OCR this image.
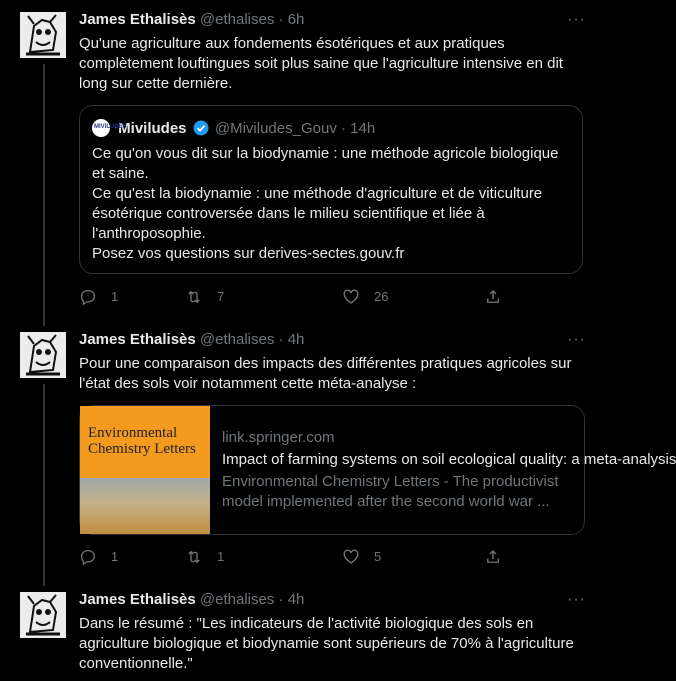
James Ethalisès @ethalises · 6h	···
Qu'une agriculture aux fondements ésotériques et aux pratiques complètement louftingues soit plus saine que l'agriculture intensive en dit long sur cette dernière.
MIVILUDES
Miviludes @Miviludes_Gouv · 14h
Ce qu'on vous dit sur la biodynamie : une méthode agricole biologique et saine.
Ce qu'est la biodynamie : une méthode d'agriculture et de viticulture ésotérique controversée dans le milieu scientifique et liée à l'anthroposophie.
Posez vos questions sur derives-sectes.gouv.fr
1	7	26
James Ethalisès @ethalises · 4h	···
Pour une comparaison des impacts des différentes pratiques agricoles sur l'état des sols voir notamment cette méta-analyse :
Environmental
Chemistry Letters
link.springer.com
Impact of farming systems on soil ecological quality: a meta-analysis
Environmental Chemistry Letters - The productivist model implemented after the second world war ...
1	1	5
James Ethalisès @ethalises · 4h	···
Dans le résumé : "Les indicateurs de l'activité biologique des sols en agriculture biologique et biodynamie sont supérieurs de 70% à l'agriculture conventionnelle."
